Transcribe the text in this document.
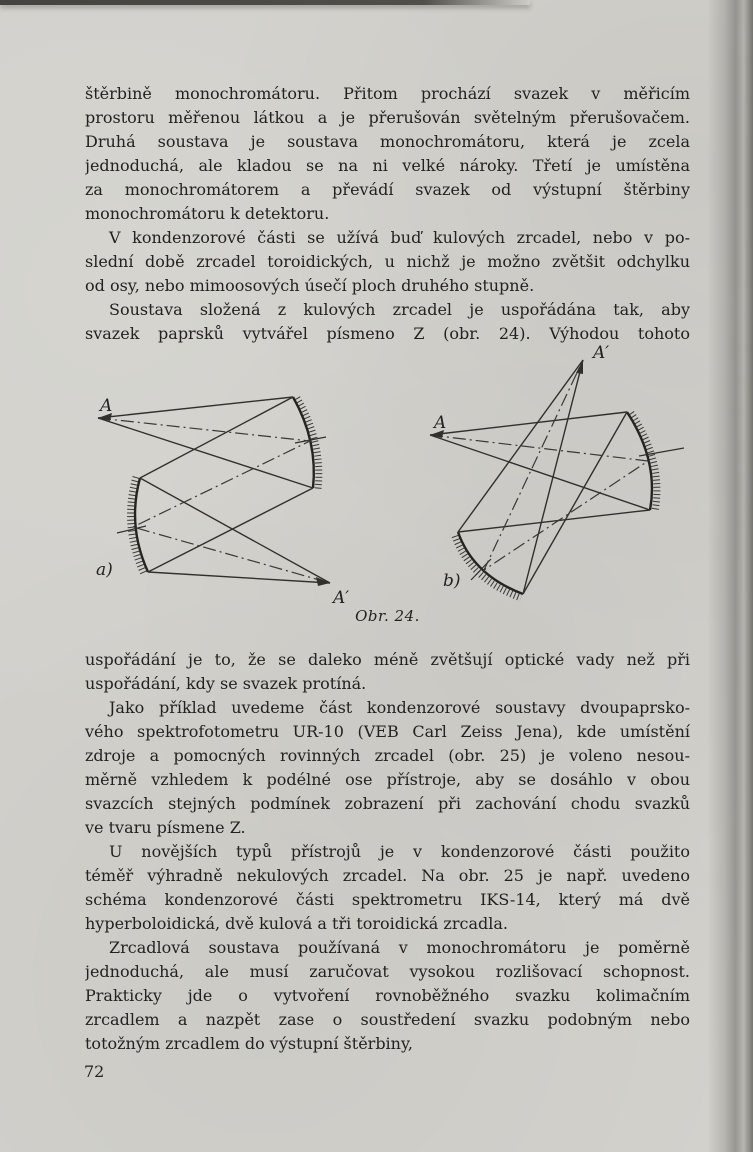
štěrbině monochromátoru. Přitom prochází svazek v měřicím
prostoru měřenou látkou a je přerušován světelným přerušovačem.
Druhá soustava je soustava monochromátoru, která je zcela
jednoduchá, ale kladou se na ni velké nároky. Třetí je umístěna
za monochromátorem a převádí svazek od výstupní štěrbiny
monochromátoru k detektoru.
V kondenzorové části se užívá buď kulových zrcadel, nebo v po-
slední době zrcadel toroidických, u nichž je možno zvětšit odchylku
od osy, nebo mimoosových úsečí ploch druhého stupně.
Soustava složená z kulových zrcadel je uspořádána tak, aby
svazek paprsků vytvářel písmeno Z (obr. 24). Výhodou tohoto
A
A′
a)
A
A′
b)
Obr. 24.
uspořádání je to, že se daleko méně zvětšují optické vady než při
uspořádání, kdy se svazek protíná.
Jako příklad uvedeme část kondenzorové soustavy dvoupaprsko-
vého spektrofotometru UR-10 (VEB Carl Zeiss Jena), kde umístění
zdroje a pomocných rovinných zrcadel (obr. 25) je voleno nesou-
měrně vzhledem k podélné ose přístroje, aby se dosáhlo v obou
svazcích stejných podmínek zobrazení při zachování chodu svazků
ve tvaru písmene Z.
U novějších typů přístrojů je v kondenzorové části použito
téměř výhradně nekulových zrcadel. Na obr. 25 je např. uvedeno
schéma kondenzorové části spektrometru IKS-14, který má dvě
hyperboloidická, dvě kulová a tři toroidická zrcadla.
Zrcadlová soustava používaná v monochromátoru je poměrně
jednoduchá, ale musí zaručovat vysokou rozlišovací schopnost.
Prakticky jde o vytvoření rovnoběžného svazku kolimačním
zrcadlem a nazpět zase o soustředení svazku podobným nebo
totožným zrcadlem do výstupní štěrbiny,
72
